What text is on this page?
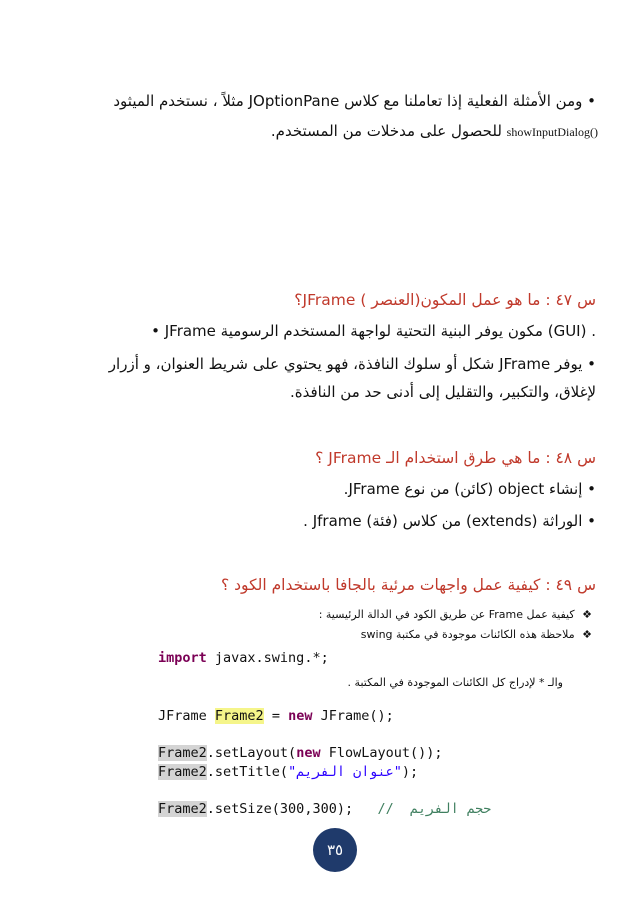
• ومن الأمثلة الفعلية إذا تعاملنا مع كلاس JOptionPane مثلاً ، نستخدم الميثود
showInputDialog() للحصول على مدخلات من المستخدم.
س ٤٧ : ما هو عمل المكون(العنصر ) JFrame؟
• JFrame مكون يوفر البنية التحتية لواجهة المستخدم الرسومية (GUI) .
• يوفر JFrame شكل أو سلوك النافذة، فهو يحتوي على شريط العنوان، و أزرار
لإغلاق، والتكبير، والتقليل إلى أدنى حد من النافذة.
س ٤٨ : ما هي طرق استخدام الـ JFrame ؟
• إنشاء object (كائن) من نوع JFrame.
• الوراثة (extends) من كلاس (فئة) Jframe .
س ٤٩ : كيفية عمل واجهات مرئية بالجافا باستخدام الكود ؟
❖ كيفية عمل Frame عن طريق الكود في الدالة الرئيسية :
❖ ملاحظة هذه الكائنات موجودة في مكتبة swing
import javax.swing.*;
والـ * لإدراج كل الكائنات الموجودة في المكتبة .
JFrame Frame2 = new JFrame();
Frame2.setLayout(new FlowLayout());
Frame2.setTitle("عنوان الفريم");
Frame2.setSize(300,300); // حجم الفريم
٣٥
